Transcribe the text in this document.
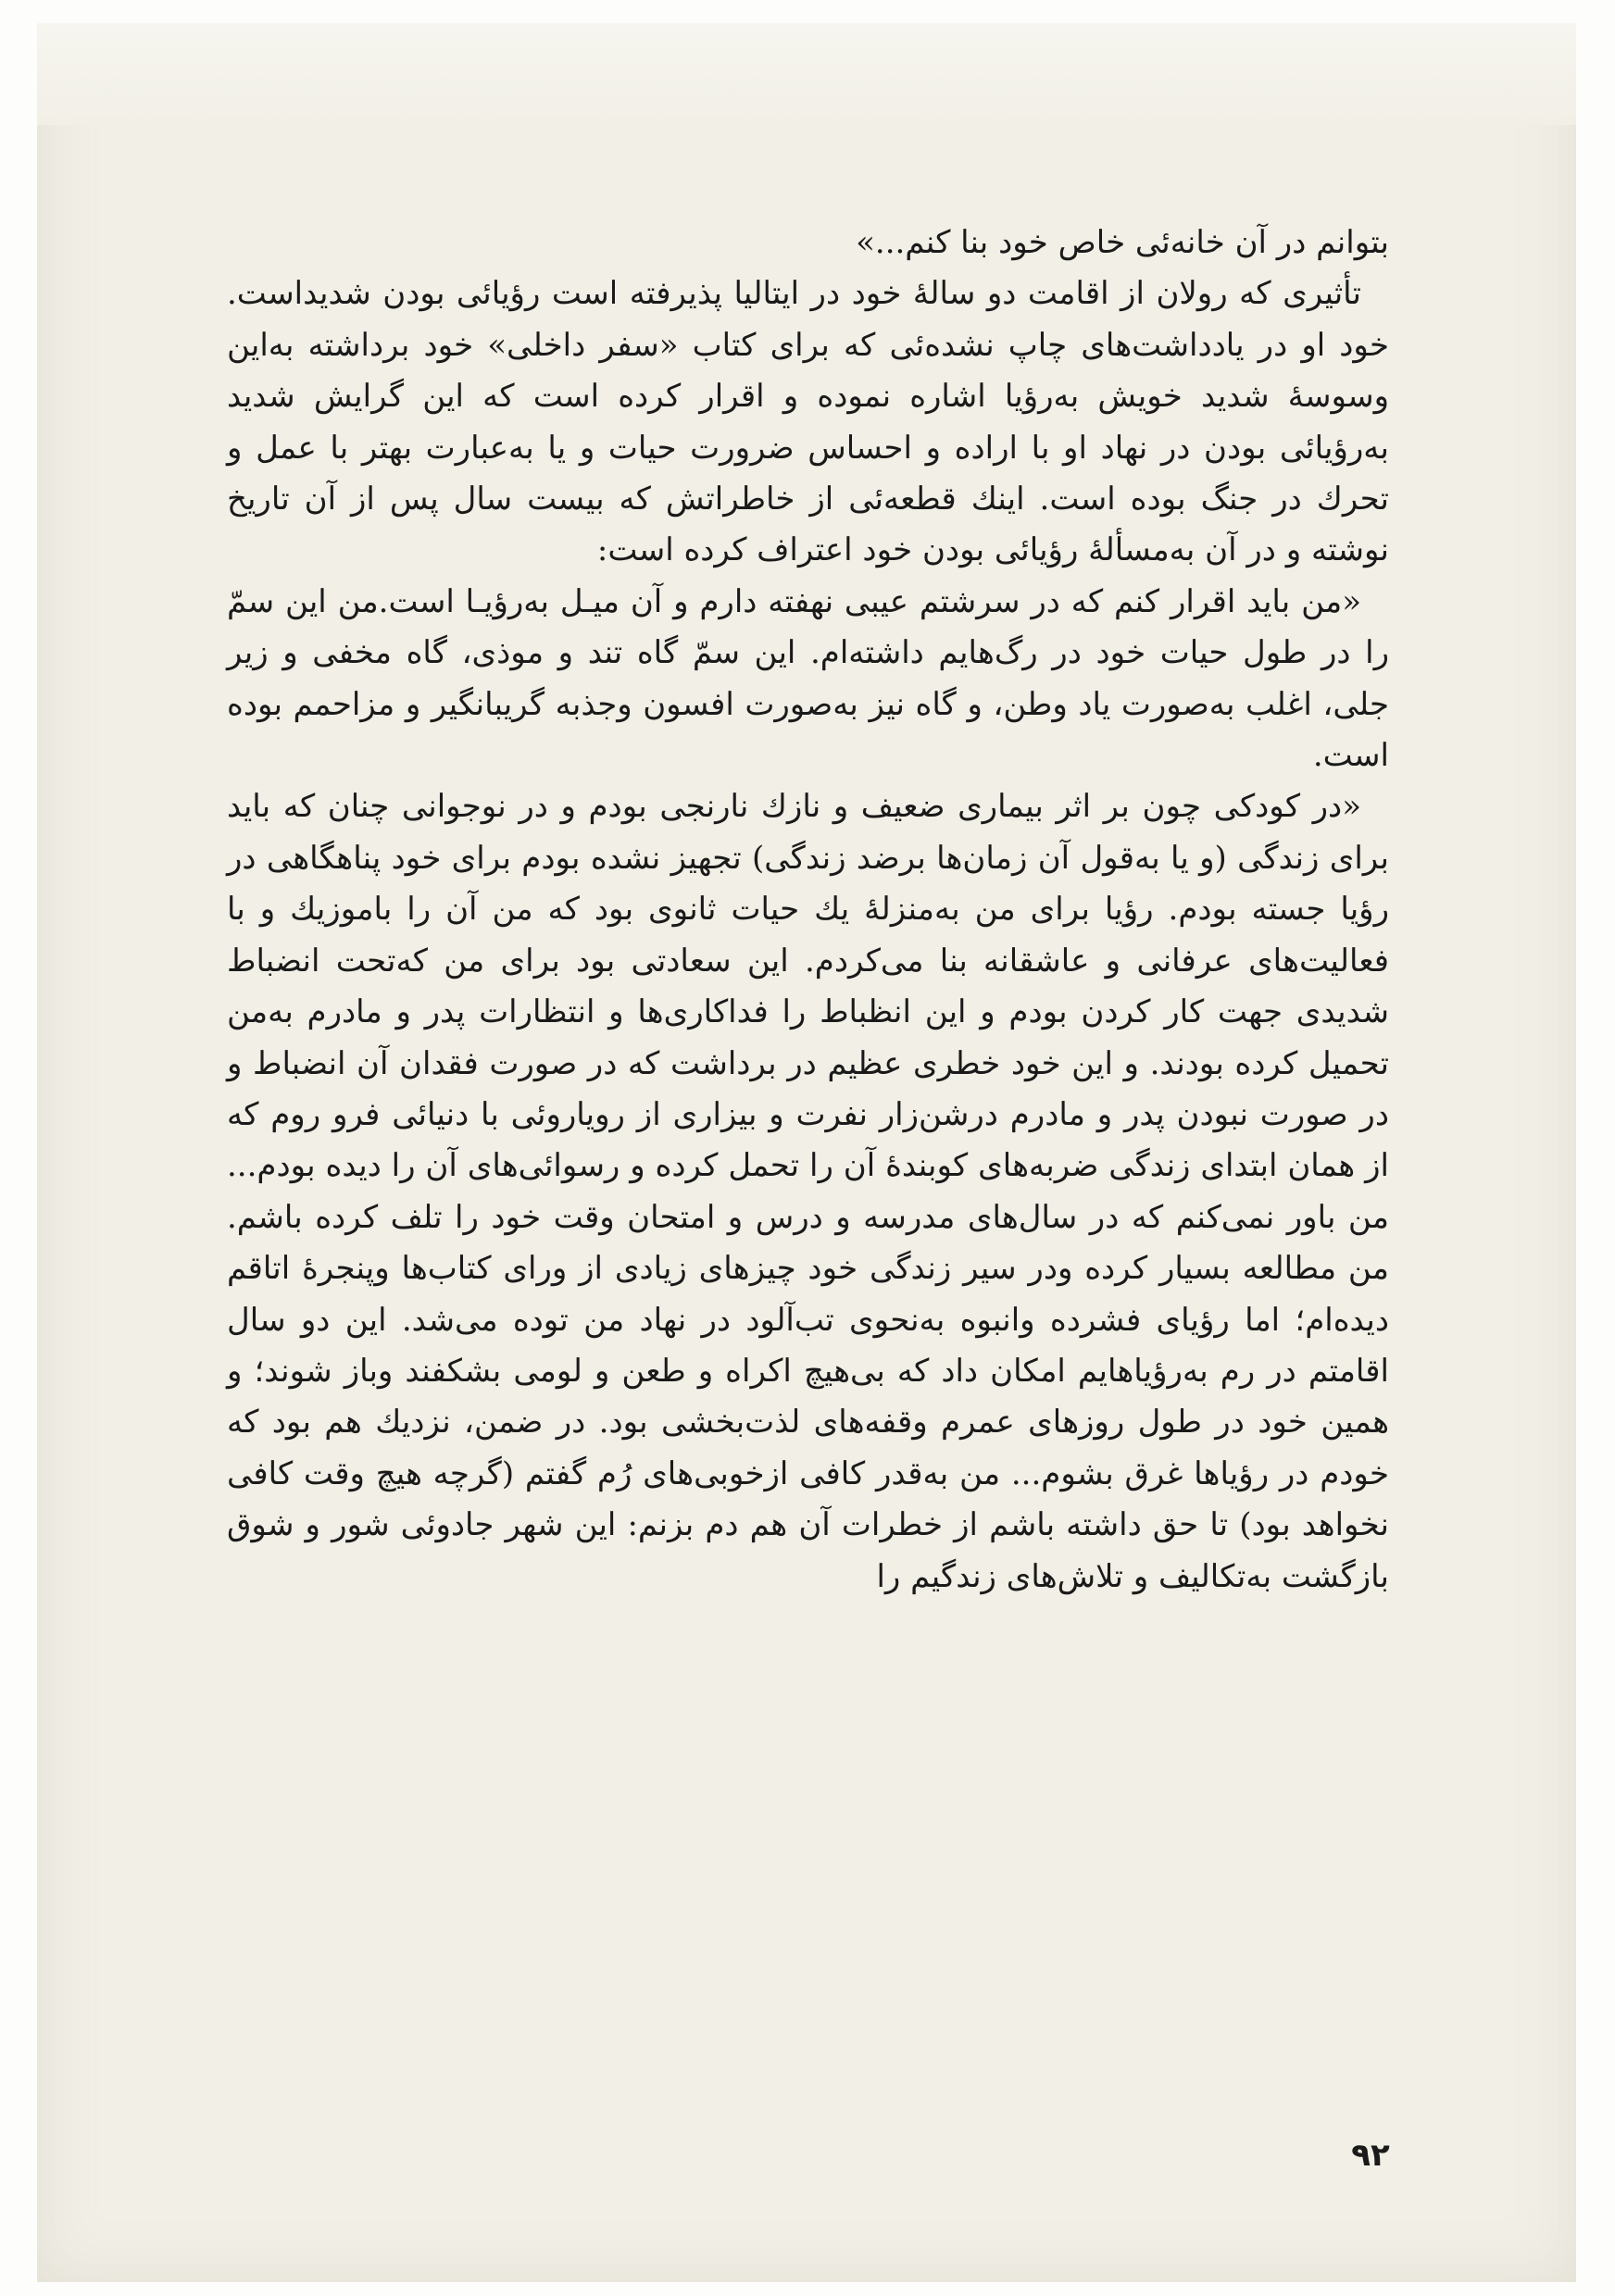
بتوانم در آن خانه‌ئی خاص خود بنا کنم...»

تأثیری که رولان از اقامت دو سالۀ خود در ایتالیا پذیرفته است رؤیائی بودن شدیداست. خود او در یادداشت‌های چاپ نشده‌ئی که برای کتاب «سفر داخلی» خود برداشته به‌این وسوسۀ شدید خویش به‌رؤیا اشاره نموده و اقرار کرده است که این گرایش شدید به‌رؤیائی بودن در نهاد او با اراده و احساس ضرورت حیات و یا به‌عبارت بهتر با عمل و تحرك در جنگ بوده است. اینك قطعه‌ئی از خاطراتش که بیست سال پس از آن تاریخ نوشته و در آن به‌مسألۀ رؤیائی بودن خود اعتراف کرده است:

«من باید اقرار کنم که در سرشتم عیبی نهفته دارم و آن میـل به‌رؤیـا است.من این سمّ را در طول حیات خود در رگ‌هایم داشته‌ام. این سمّ گاه تند و موذی، گاه مخفی و زیر جلی، اغلب به‌صورت یاد وطن، و گاه نیز به‌صورت افسون وجذبه گریبانگیر و مزاحمم بوده است.

«در کودکی چون بر اثر بیماری ضعیف و نازك نارنجی بودم و در نوجوانی چنان که باید برای زندگی (و یا به‌قول آن زمان‌ها برضد زندگی) تجهیز نشده بودم برای خود پناهگاهی در رؤیا جسته بودم. رؤیا برای من به‌منزلۀ یك حیات ثانوی بود که من آن را باموزیك و با فعالیت‌های عرفانی و عاشقانه بنا می‌کردم. این سعادتی بود برای من که‌تحت انضباط شدیدی جهت کار کردن بودم و این انظباط را فداکاری‌ها و انتظارات پدر و مادرم به‌من تحمیل کرده بودند. و این خود خطری عظیم در برداشت که در صورت فقدان آن انضباط و در صورت نبودن پدر و مادرم درشن‌زار نفرت و بیزاری از رویاروئی با دنیائی فرو روم که از همان ابتدای زندگی ضربه‌های کوبندۀ آن را تحمل کرده و رسوائی‌های آن را دیده بودم... من باور نمی‌کنم که در سال‌های مدرسه و درس و امتحان وقت خود را تلف کرده باشم. من مطالعه بسیار کرده ودر سیر زندگی خود چیزهای زیادی از ورای کتاب‌ها وپنجرۀ اتاقم دیده‌ام؛ اما رؤیای فشرده وانبوه به‌نحوی تب‌آلود در نهاد من توده می‌شد. این دو سال اقامتم در رم به‌رؤیاهایم امکان داد که بی‌هیچ اکراه و طعن و لومی بشکفند وباز شوند؛ و همین خود در طول روزهای عمرم وقفه‌های لذت‌بخشی بود. در ضمن، نزدیك هم بود که خودم در رؤیاها غرق بشوم... من به‌قدر کافی ازخوبی‌های رُم گفتم (گرچه هیچ وقت کافی نخواهد بود) تا حق داشته باشم از خطرات آن هم دم بزنم: این شهر جادوئی شور و شوق بازگشت به‌تکالیف و تلاش‌های زندگیم را

۹۲
